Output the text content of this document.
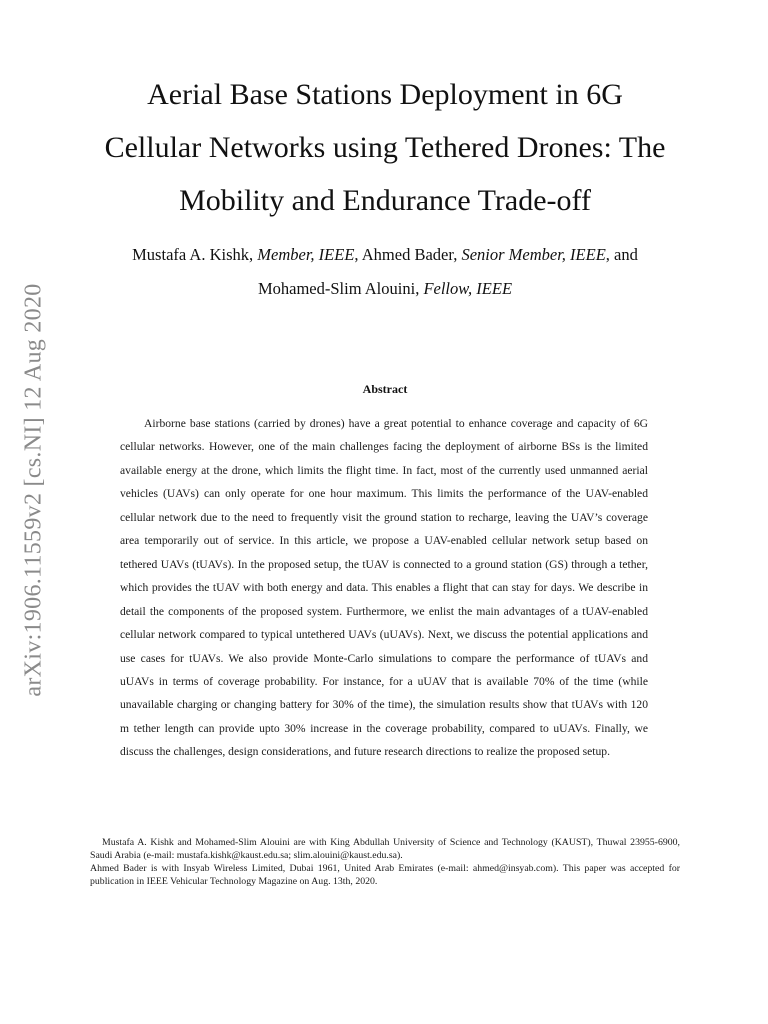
arXiv:1906.11559v2 [cs.NI] 12 Aug 2020
Aerial Base Stations Deployment in 6G
Cellular Networks using Tethered Drones: The
Mobility and Endurance Trade-off
Mustafa A. Kishk, Member, IEEE, Ahmed Bader, Senior Member, IEEE, and
Mohamed-Slim Alouini, Fellow, IEEE
Abstract

Airborne base stations (carried by drones) have a great potential to enhance coverage and capacity of 6G cellular networks. However, one of the main challenges facing the deployment of airborne BSs is the limited available energy at the drone, which limits the flight time. In fact, most of the currently used unmanned aerial vehicles (UAVs) can only operate for one hour maximum. This limits the performance of the UAV-enabled cellular network due to the need to frequently visit the ground station to recharge, leaving the UAV’s coverage area temporarily out of service. In this article, we propose a UAV-enabled cellular network setup based on tethered UAVs (tUAVs). In the proposed setup, the tUAV is connected to a ground station (GS) through a tether, which provides the tUAV with both energy and data. This enables a flight that can stay for days. We describe in detail the components of the proposed system. Furthermore, we enlist the main advantages of a tUAV-enabled cellular network compared to typical untethered UAVs (uUAVs). Next, we discuss the potential applications and use cases for tUAVs. We also provide Monte-Carlo simulations to compare the performance of tUAVs and uUAVs in terms of coverage probability. For instance, for a uUAV that is available 70% of the time (while unavailable charging or changing battery for 30% of the time), the simulation results show that tUAVs with 120 m tether length can provide upto 30% increase in the coverage probability, compared to uUAVs. Finally, we discuss the challenges, design considerations, and future research directions to realize the proposed setup.

Mustafa A. Kishk and Mohamed-Slim Alouini are with King Abdullah University of Science and Technology (KAUST), Thuwal 23955-6900, Saudi Arabia (e-mail: mustafa.kishk@kaust.edu.sa; slim.alouini@kaust.edu.sa).

Ahmed Bader is with Insyab Wireless Limited, Dubai 1961, United Arab Emirates (e-mail: ahmed@insyab.com). This paper was accepted for publication in IEEE Vehicular Technology Magazine on Aug. 13th, 2020.
